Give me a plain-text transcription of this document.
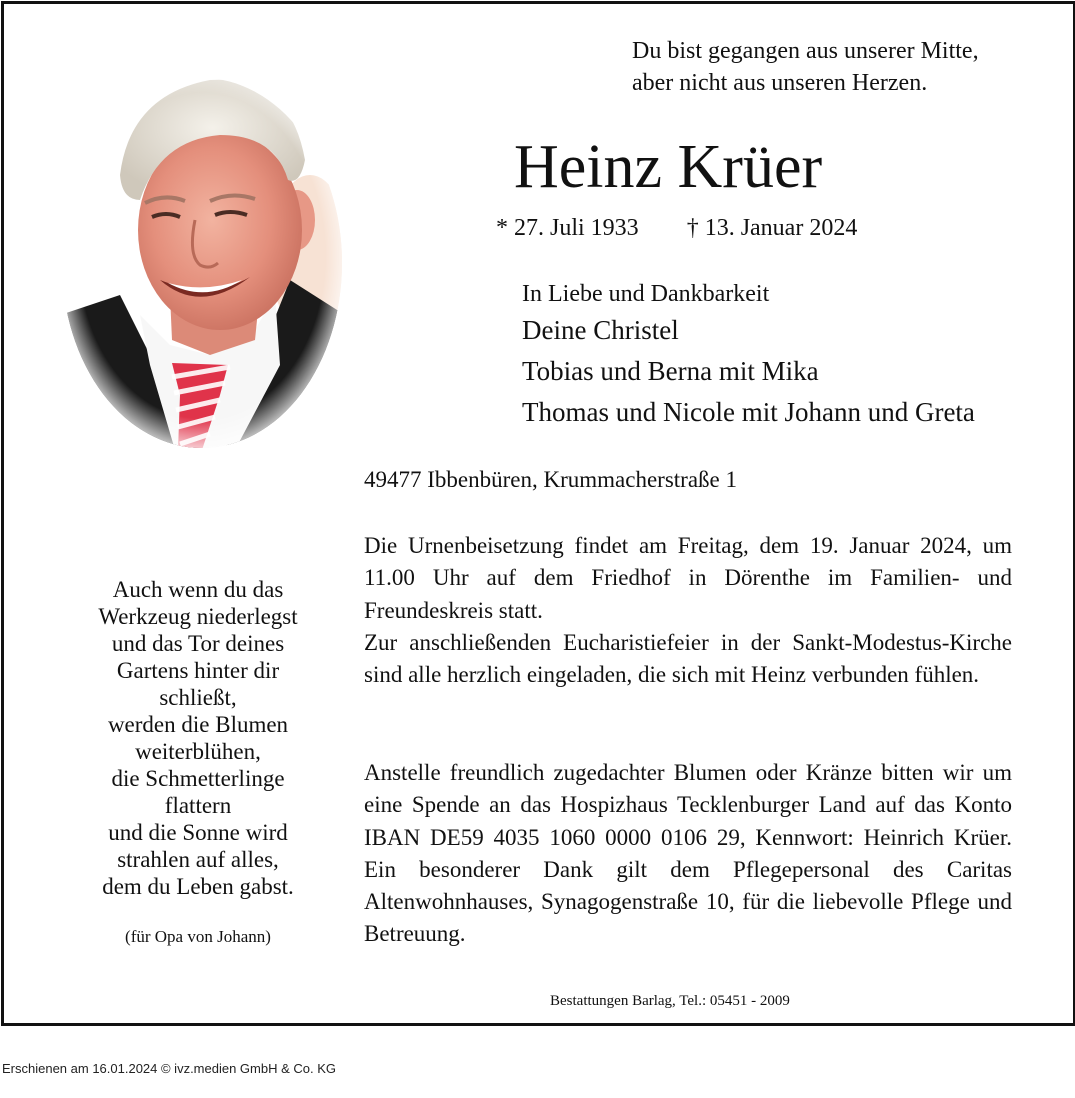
Du bist gegangen aus unserer Mitte,
aber nicht aus unseren Herzen.
Heinz Krüer
* 27. Juli 1933 † 13. Januar 2024
In Liebe und Dankbarkeit
Deine Christel
Tobias und Berna mit Mika
Thomas und Nicole mit Johann und Greta
49477 Ibbenbüren, Krummacherstraße 1

Die Urnenbeisetzung findet am Freitag, dem 19. Januar 2024, um 11.00 Uhr auf dem Friedhof in Dörenthe im Familien- und Freundeskreis statt.

Zur anschließenden Eucharistiefeier in der Sankt-Modestus-Kirche sind alle herzlich eingeladen, die sich mit Heinz verbunden fühlen.

Anstelle freundlich zugedachter Blumen oder Kränze bitten wir um eine Spende an das Hospizhaus Tecklenburger Land auf das Konto IBAN DE59 4035 1060 0000 0106 29, Kennwort: Heinrich Krüer. Ein besonderer Dank gilt dem Pflegepersonal des Caritas Altenwohnhauses, Synagogenstraße 10, für die liebevolle Pflege und Betreuung.

Auch wenn du das
Werkzeug niederlegst
und das Tor deines
Gartens hinter dir
schließt,
werden die Blumen
weiterblühen,
die Schmetterlinge
flattern
und die Sonne wird
strahlen auf alles,
dem du Leben gabst.
(für Opa von Johann)
Bestattungen Barlag, Tel.: 05451 - 2009
Erschienen am 16.01.2024 © ivz.medien GmbH & Co. KG
